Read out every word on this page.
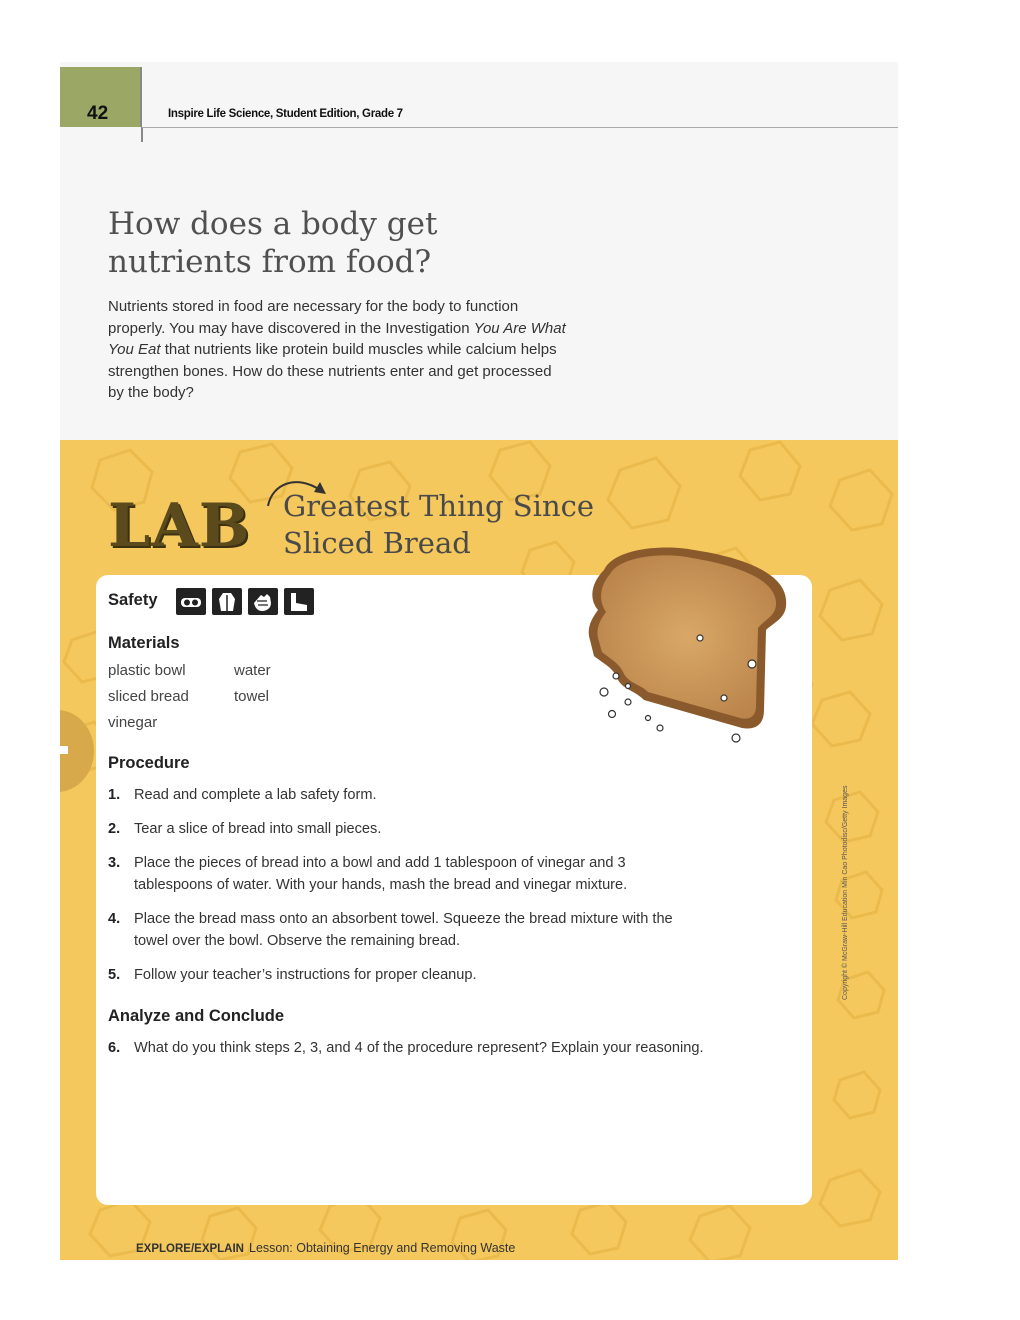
42	Inspire Life Science, Student Edition, Grade 7
How does a body get nutrients from food?

Nutrients stored in food are necessary for the body to function properly. You may have discovered in the Investigation You Are What You Eat that nutrients like protein build muscles while calcium helps strengthen bones. How do these nutrients enter and get processed by the body?

LAB Greatest Thing Since Sliced Bread
Safety
Materials
plastic bowl
sliced bread
vinegar
water
towel
Procedure
1. Read and complete a lab safety form.
2. Tear a slice of bread into small pieces.
3. Place the pieces of bread into a bowl and add 1 tablespoon of vinegar and 3 tablespoons of water. With your hands, mash the bread and vinegar mixture.
4. Place the bread mass onto an absorbent towel. Squeeze the bread mixture with the towel over the bowl. Observe the remaining bread.
5. Follow your teacher’s instructions for proper cleanup.
Analyze and Conclude
6. What do you think steps 2, 3, and 4 of the procedure represent? Explain your reasoning.
Copyright © McGraw-Hill Education Min Cao Photodisc/Getty Images
EXPLORE/EXPLAIN Lesson: Obtaining Energy and Removing Waste
